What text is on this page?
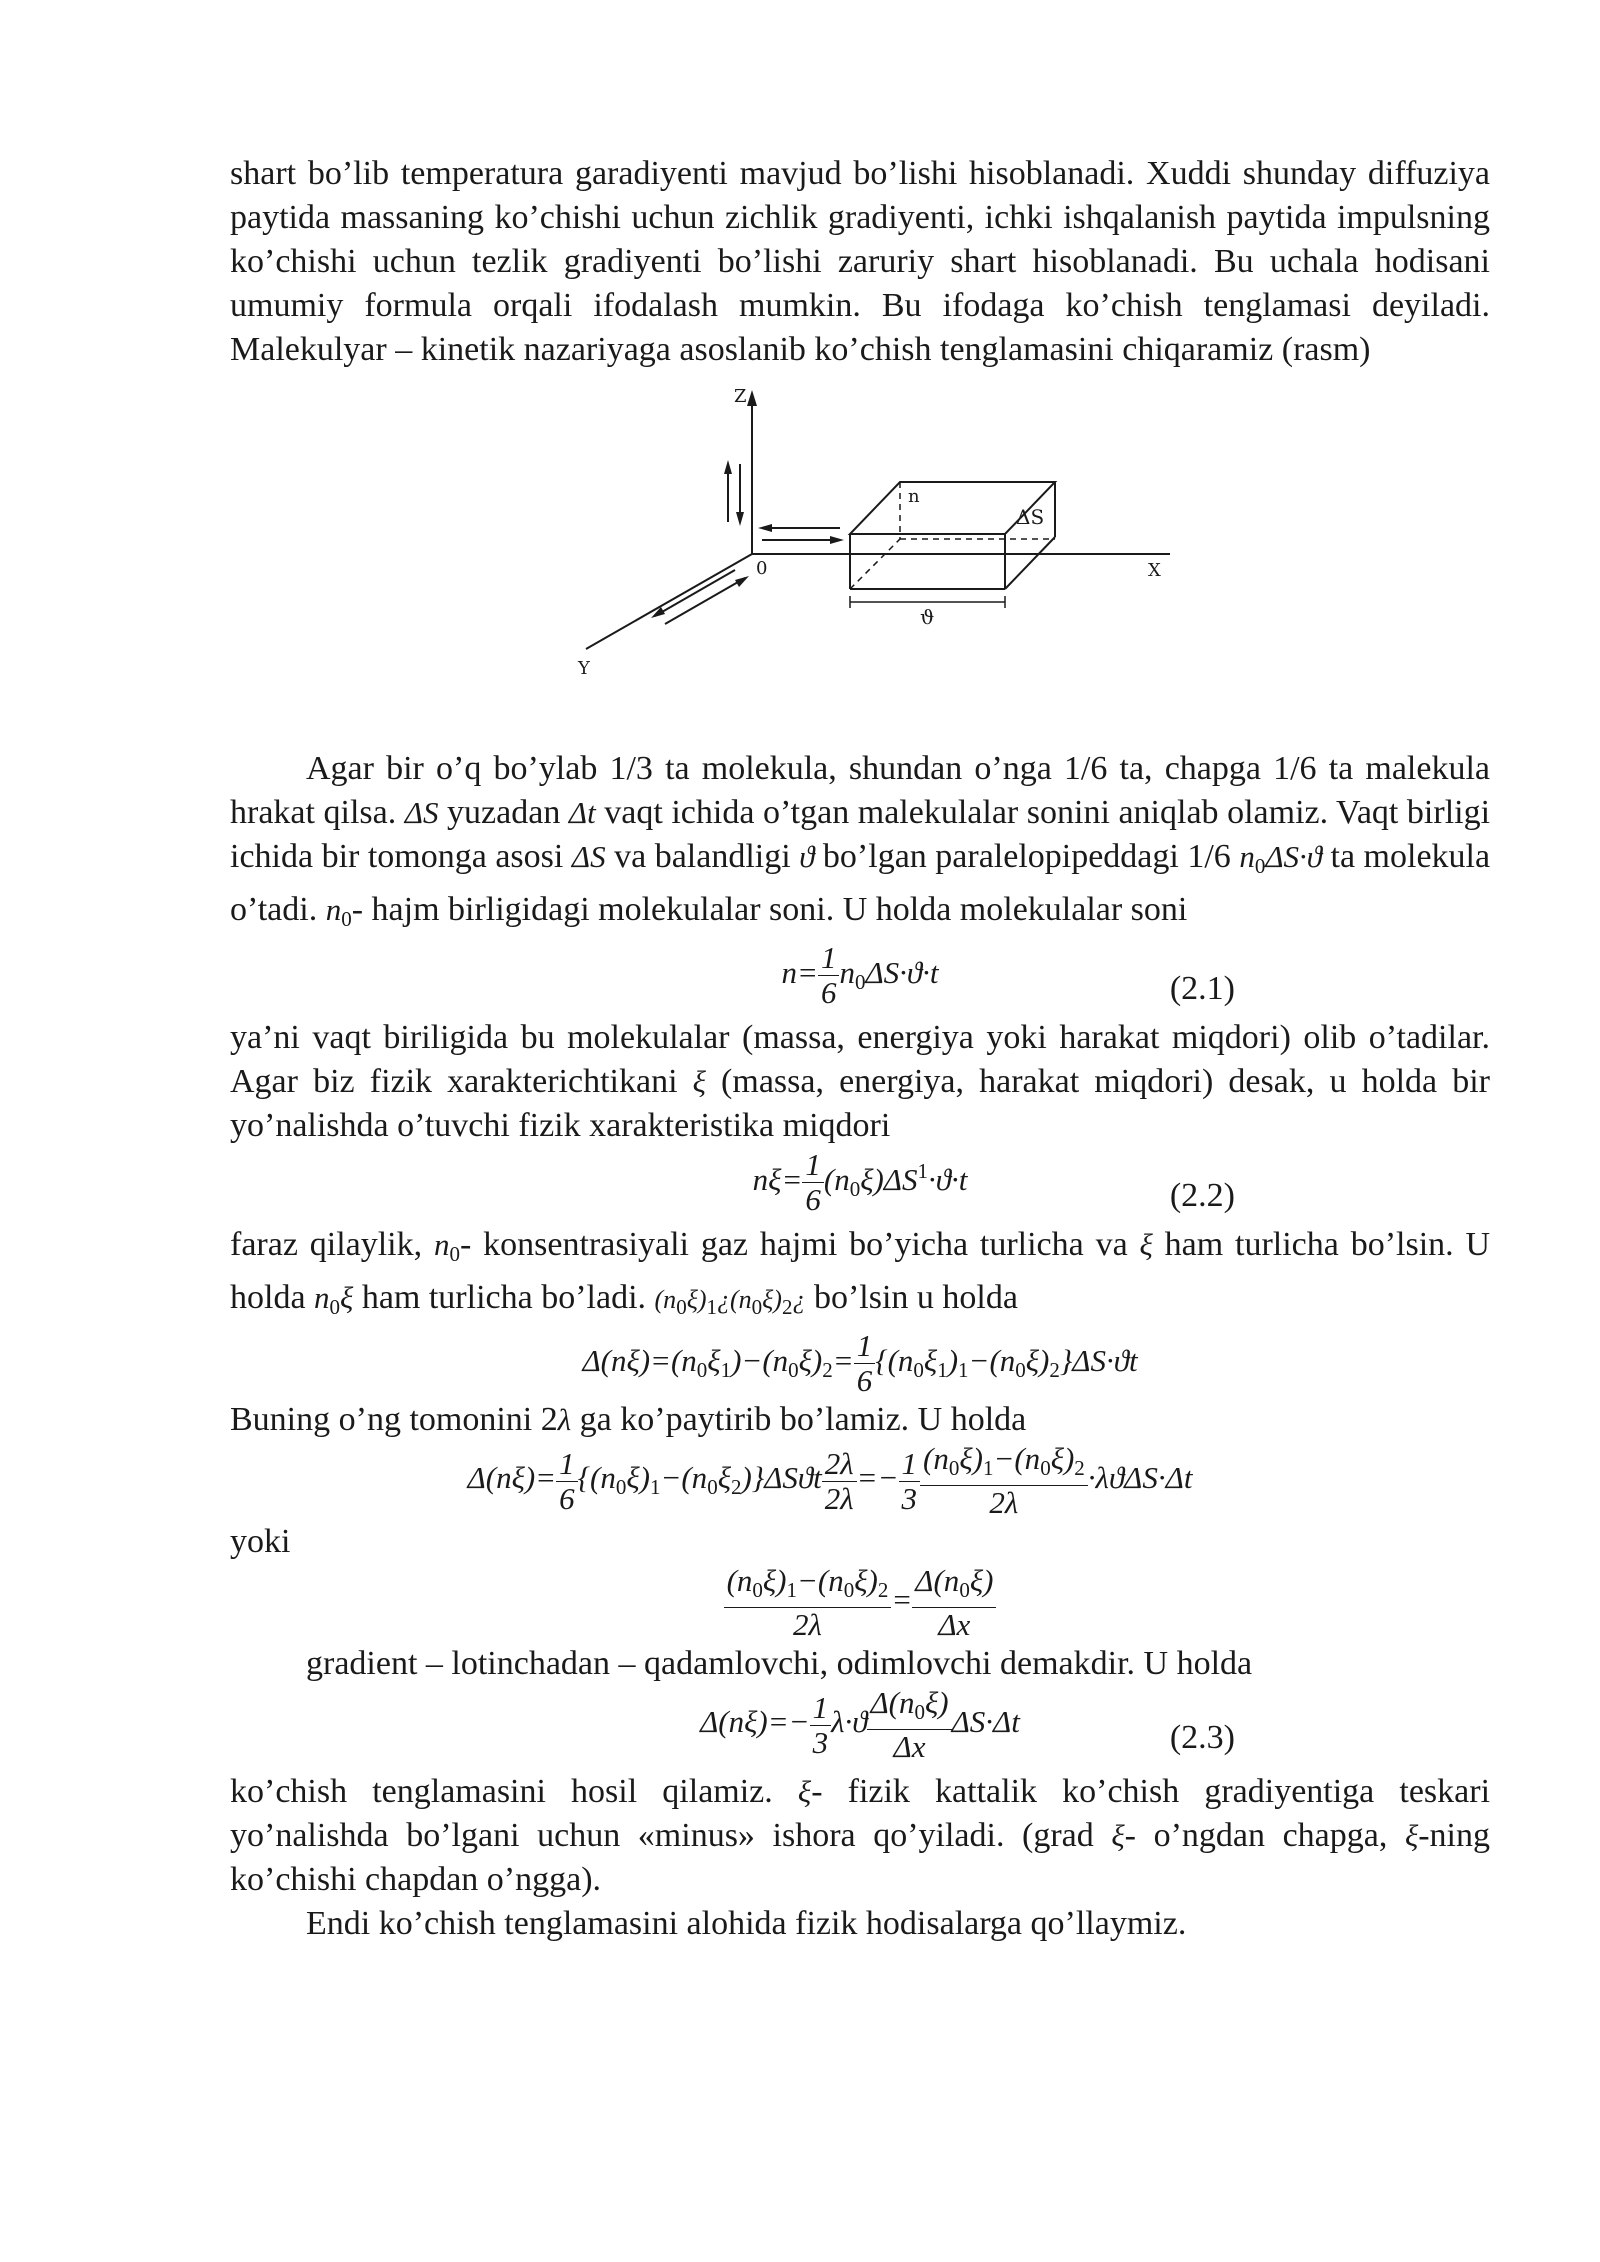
shart bo’lib temperatura garadiyenti mavjud bo’lishi hisoblanadi. Xuddi shunday diffuziya paytida massaning ko’chishi uchun zichlik gradiyenti, ichki ishqalanish paytida impulsning ko’chishi uchun tezlik gradiyenti bo’lishi zaruriy shart hisoblanadi. Bu uchala hodisani umumiy formula orqali ifodalash mumkin. Bu ifodaga ko’chish tenglamasi deyiladi. Malekulyar – kinetik nazariyaga asoslanib ko’chish tenglamasini chiqaramiz (rasm)

Z
X
Y
0
n
ΔS
ϑ

Agar bir o’q bo’ylab 1/3 ta molekula, shundan o’nga 1/6 ta, chapga 1/6 ta malekula hrakat qilsa. ΔS yuzadan Δt vaqt ichida o’tgan malekulalar sonini aniqlab olamiz. Vaqt birligi ichida bir tomonga asosi ΔS va balandligi ϑ bo’lgan paralelopipeddagi 1/6 $n_0\Delta S\cdot ϑ$ ta molekula o’tadi. $n_0-$ hajm birligidagi molekulalar soni. U holda molekulalar soni

$n= \frac{1}{6} n_0\Delta S\cdot ϑ\cdot t$	(2.1)

ya’ni vaqt biriligida bu molekulalar (massa, energiya yoki harakat miqdori) olib o’tadilar. Agar biz fizik xarakterichtikani ξ (massa, energiya, harakat miqdori) desak, u holda bir yo’nalishda o’tuvchi fizik xarakteristika miqdori

$n\xi= \frac{1}{6} (n_0\xi)\Delta S^1\cdot ϑ\cdot t$	(2.2)

faraz qilaylik, $n_0-$ konsentrasiyali gaz hajmi bo’yicha turlicha va ξ ham turlicha bo’lsin. U holda $n_0\xi$ ham turlicha bo’ladi. $(n_0\xi)_1¿(n_0\xi)_2¿$ bo’lsin u holda

$\Delta(n\xi)=(n_0\xi_1)-(n_0\xi)_2= \frac{1}{6} \{(n_0\xi_1)_1-(n_0\xi)_2\}\Delta S\cdot ϑt$

Buning o’ng tomonini 2λ ga ko’paytirib bo’lamiz. U holda

$\Delta(n\xi)= \frac{1}{6} \{(n_0\xi)_1-(n_0\xi_2)\}\Delta Sϑt \frac{2\lambda}{2\lambda} =- \frac{1}{3} \frac{(n_0\xi)_1-(n_0\xi)_2}{2\lambda} \cdot\lambda ϑ\Delta S\cdot\Delta t$

yoki

$\frac{(n_0\xi)_1-(n_0\xi)_2}{2\lambda} = \frac{\Delta(n_0\xi)}{\Delta x}$

gradient – lotinchadan – qadamlovchi, odimlovchi demakdir. U holda

$\Delta(n\xi)=- \frac{1}{3} \lambda\cdot ϑ \frac{\Delta(n_0\xi)}{\Delta x} \Delta S\cdot\Delta t$	(2.3)

ko’chish tenglamasini hosil qilamiz. ξ- fizik kattalik ko’chish gradiyentiga teskari yo’nalishda bo’lgani uchun «minus» ishora qo’yiladi. (grad ξ- o’ngdan chapga, ξ-ning ko’chishi chapdan o’ngga).

Endi ko’chish tenglamasini alohida fizik hodisalarga qo’llaymiz.
